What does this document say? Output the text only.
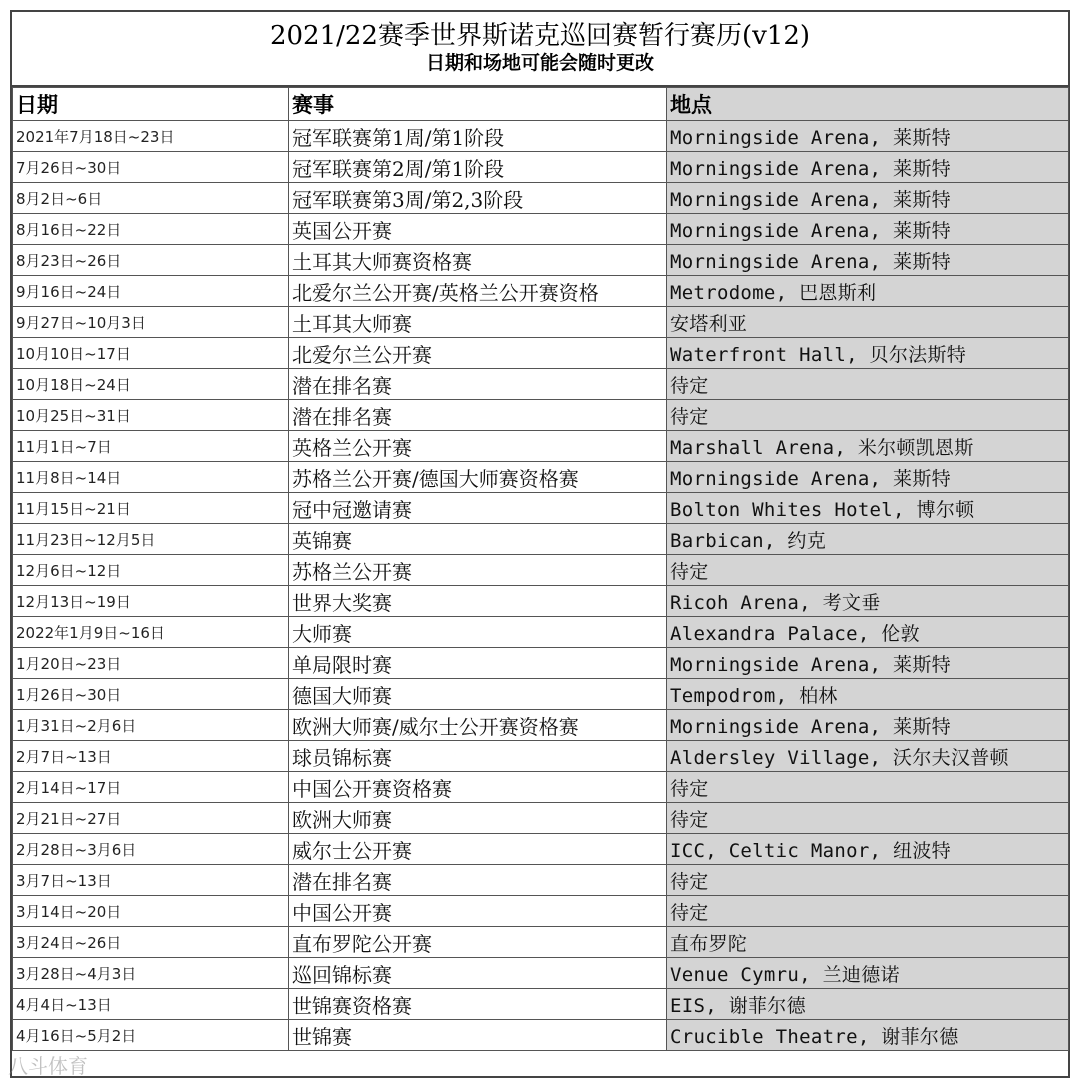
2021/22赛季世界斯诺克巡回赛暂行赛历(v12)
日期和场地可能会随时更改
日期	赛事	地点
2021年7月18日~23日	冠军联赛第1周/第1阶段	Morningside Arena, 莱斯特
7月26日~30日	冠军联赛第2周/第1阶段	Morningside Arena, 莱斯特
8月2日~6日	冠军联赛第3周/第2,3阶段	Morningside Arena, 莱斯特
8月16日~22日	英国公开赛	Morningside Arena, 莱斯特
8月23日~26日	土耳其大师赛资格赛	Morningside Arena, 莱斯特
9月16日~24日	北爱尔兰公开赛/英格兰公开赛资格	Metrodome, 巴恩斯利
9月27日~10月3日	土耳其大师赛	安塔利亚
10月10日~17日	北爱尔兰公开赛	Waterfront Hall, 贝尔法斯特
10月18日~24日	潜在排名赛	待定
10月25日~31日	潜在排名赛	待定
11月1日~7日	英格兰公开赛	Marshall Arena, 米尔顿凯恩斯
11月8日~14日	苏格兰公开赛/德国大师赛资格赛	Morningside Arena, 莱斯特
11月15日~21日	冠中冠邀请赛	Bolton Whites Hotel, 博尔顿
11月23日~12月5日	英锦赛	Barbican, 约克
12月6日~12日	苏格兰公开赛	待定
12月13日~19日	世界大奖赛	Ricoh Arena, 考文垂
2022年1月9日~16日	大师赛	Alexandra Palace, 伦敦
1月20日~23日	单局限时赛	Morningside Arena, 莱斯特
1月26日~30日	德国大师赛	Tempodrom, 柏林
1月31日~2月6日	欧洲大师赛/威尔士公开赛资格赛	Morningside Arena, 莱斯特
2月7日~13日	球员锦标赛	Aldersley Village, 沃尔夫汉普顿
2月14日~17日	中国公开赛资格赛	待定
2月21日~27日	欧洲大师赛	待定
2月28日~3月6日	威尔士公开赛	ICC, Celtic Manor, 纽波特
3月7日~13日	潜在排名赛	待定
3月14日~20日	中国公开赛	待定
3月24日~26日	直布罗陀公开赛	直布罗陀
3月28日~4月3日	巡回锦标赛	Venue Cymru, 兰迪德诺
4月4日~13日	世锦赛资格赛	EIS, 谢菲尔德
4月16日~5月2日	世锦赛	Crucible Theatre, 谢菲尔德
八斗体育
